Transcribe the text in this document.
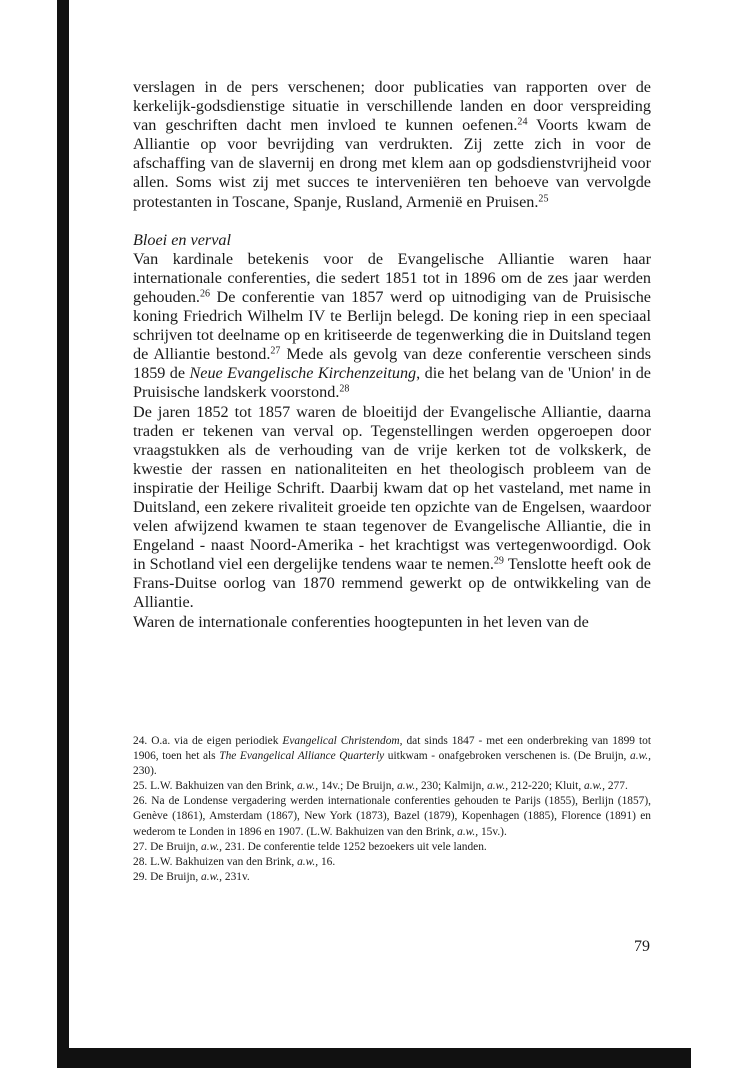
verslagen in de pers verschenen; door publicaties van rapporten over de kerkelijk-godsdienstige situatie in verschillende landen en door verspreiding van geschriften dacht men invloed te kunnen oefenen.$^{24}$ Voorts kwam de Alliantie op voor bevrijding van verdrukten. Zij zette zich in voor de afschaffing van de slavernij en drong met klem aan op godsdienstvrijheid voor allen. Soms wist zij met succes te interveniëren ten behoeve van vervolgde protestanten in Toscane, Spanje, Rusland, Armenië en Pruisen.$^{25}$

Bloei en verval

Van kardinale betekenis voor de Evangelische Alliantie waren haar internationale conferenties, die sedert 1851 tot in 1896 om de zes jaar werden gehouden.$^{26}$ De conferentie van 1857 werd op uitnodiging van de Pruisische koning Friedrich Wilhelm IV te Berlijn belegd. De koning riep in een speciaal schrijven tot deelname op en kritiseerde de tegenwerking die in Duitsland tegen de Alliantie bestond.$^{27}$ Mede als gevolg van deze conferentie verscheen sinds 1859 de Neue Evangelische Kirchenzeitung, die het belang van de 'Union' in de Pruisische landskerk voorstond.$^{28}$

De jaren 1852 tot 1857 waren de bloeitijd der Evangelische Alliantie, daarna traden er tekenen van verval op. Tegenstellingen werden opgeroepen door vraagstukken als de verhouding van de vrije kerken tot de volkskerk, de kwestie der rassen en nationaliteiten en het theologisch probleem van de inspiratie der Heilige Schrift. Daarbij kwam dat op het vasteland, met name in Duitsland, een zekere rivaliteit groeide ten opzichte van de Engelsen, waardoor velen afwijzend kwamen te staan tegenover de Evangelische Alliantie, die in Engeland - naast Noord-Amerika - het krachtigst was vertegenwoordigd. Ook in Schotland viel een dergelijke tendens waar te nemen.$^{29}$ Tenslotte heeft ook de Frans-Duitse oorlog van 1870 remmend gewerkt op de ontwikkeling van de Alliantie.

Waren de internationale conferenties hoogtepunten in het leven van de

24. O.a. via de eigen periodiek Evangelical Christendom, dat sinds 1847 - met een onderbreking van 1899 tot 1906, toen het als The Evangelical Alliance Quarterly uitkwam - onafgebroken verschenen is. (De Bruijn, a.w., 230).

25. L.W. Bakhuizen van den Brink, a.w., 14v.; De Bruijn, a.w., 230; Kalmijn, a.w., 212-220; Kluit, a.w., 277.

26. Na de Londense vergadering werden internationale conferenties gehouden te Parijs (1855), Berlijn (1857), Genève (1861), Amsterdam (1867), New York (1873), Bazel (1879), Kopenhagen (1885), Florence (1891) en wederom te Londen in 1896 en 1907. (L.W. Bakhuizen van den Brink, a.w., 15v.).

27. De Bruijn, a.w., 231. De conferentie telde 1252 bezoekers uit vele landen.

28. L.W. Bakhuizen van den Brink, a.w., 16.

29. De Bruijn, a.w., 231v.

79
